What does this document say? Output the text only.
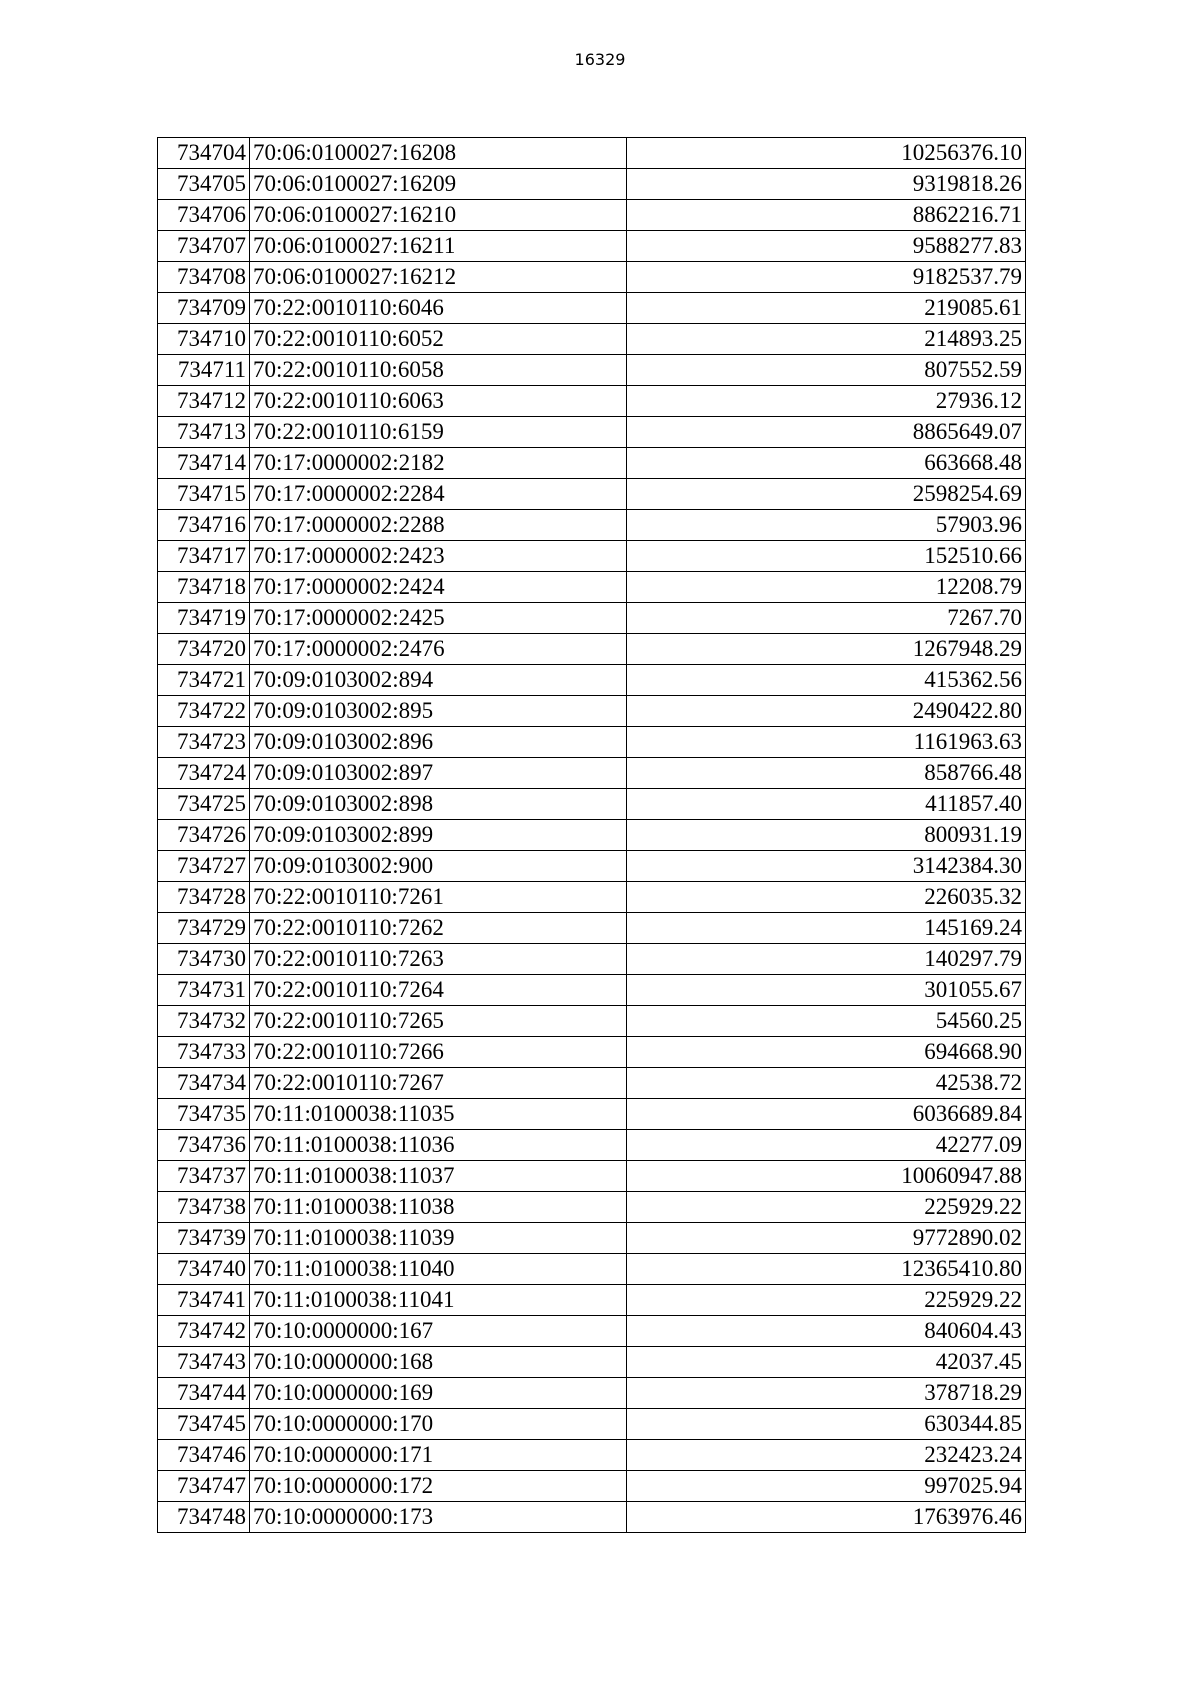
16329
734704	70:06:0100027:16208	10256376.10
734705	70:06:0100027:16209	9319818.26
734706	70:06:0100027:16210	8862216.71
734707	70:06:0100027:16211	9588277.83
734708	70:06:0100027:16212	9182537.79
734709	70:22:0010110:6046	219085.61
734710	70:22:0010110:6052	214893.25
734711	70:22:0010110:6058	807552.59
734712	70:22:0010110:6063	27936.12
734713	70:22:0010110:6159	8865649.07
734714	70:17:0000002:2182	663668.48
734715	70:17:0000002:2284	2598254.69
734716	70:17:0000002:2288	57903.96
734717	70:17:0000002:2423	152510.66
734718	70:17:0000002:2424	12208.79
734719	70:17:0000002:2425	7267.70
734720	70:17:0000002:2476	1267948.29
734721	70:09:0103002:894	415362.56
734722	70:09:0103002:895	2490422.80
734723	70:09:0103002:896	1161963.63
734724	70:09:0103002:897	858766.48
734725	70:09:0103002:898	411857.40
734726	70:09:0103002:899	800931.19
734727	70:09:0103002:900	3142384.30
734728	70:22:0010110:7261	226035.32
734729	70:22:0010110:7262	145169.24
734730	70:22:0010110:7263	140297.79
734731	70:22:0010110:7264	301055.67
734732	70:22:0010110:7265	54560.25
734733	70:22:0010110:7266	694668.90
734734	70:22:0010110:7267	42538.72
734735	70:11:0100038:11035	6036689.84
734736	70:11:0100038:11036	42277.09
734737	70:11:0100038:11037	10060947.88
734738	70:11:0100038:11038	225929.22
734739	70:11:0100038:11039	9772890.02
734740	70:11:0100038:11040	12365410.80
734741	70:11:0100038:11041	225929.22
734742	70:10:0000000:167	840604.43
734743	70:10:0000000:168	42037.45
734744	70:10:0000000:169	378718.29
734745	70:10:0000000:170	630344.85
734746	70:10:0000000:171	232423.24
734747	70:10:0000000:172	997025.94
734748	70:10:0000000:173	1763976.46
